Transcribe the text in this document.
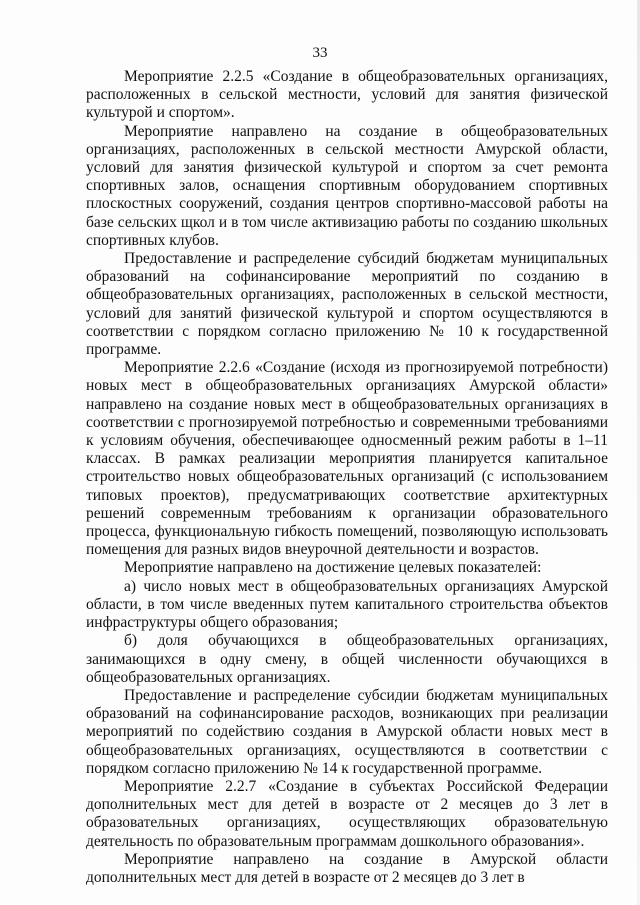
33

Мероприятие 2.2.5 «Создание в общеобразовательных организациях, расположенных в сельской местности, условий для занятия физической культурой и спортом».

Мероприятие направлено на создание в общеобразовательных организациях, расположенных в сельской местности Амурской области, условий для занятия физической культурой и спортом за счет ремонта спортивных залов, оснащения спортивным оборудованием спортивных плоскостных сооружений, создания центров спортивно-массовой работы на базе сельских щкол и в том числе активизацию работы по созданию школьных спортивных клубов.

Предоставление и распределение субсидий бюджетам муниципальных образований на софинансирование мероприятий по созданию в общеобразовательных организациях, расположенных в сельской местности, условий для занятий физической культурой и спортом осуществляются в соответствии с порядком согласно приложению № 10 к государственной программе.

Мероприятие 2.2.6 «Создание (исходя из прогнозируемой потребности) новых мест в общеобразовательных организациях Амурской области» направлено на создание новых мест в общеобразовательных организациях в соответствии с прогнозируемой потребностью и современными требованиями к условиям обучения, обеспечивающее односменный режим работы в 1–11 классах. В рамках реализации мероприятия планируется капитальное строительство новых общеобразовательных организаций (с использованием типовых проектов), предусматривающих соответствие архитектурных решений современным требованиям к организации образовательного процесса, функциональную гибкость помещений, позволяющую использовать помещения для разных видов внеурочной деятельности и возрастов.

Мероприятие направлено на достижение целевых показателей:

а) число новых мест в общеобразовательных организациях Амурской области, в том числе введенных путем капитального строительства объектов инфраструктуры общего образования;

б) доля обучающихся в общеобразовательных организациях, занимающихся в одну смену, в общей численности обучающихся в общеобразовательных организациях.

Предоставление и распределение субсидии бюджетам муниципальных образований на софинансирование расходов, возникающих при реализации мероприятий по содействию создания в Амурской области новых мест в общеобразовательных организациях, осуществляются в соответствии с порядком согласно приложению № 14 к государственной программе.

Мероприятие 2.2.7 «Создание в субъектах Российской Федерации дополнительных мест для детей в возрасте от 2 месяцев до 3 лет в образовательных организациях, осуществляющих образовательную деятельность по образовательным программам дошкольного образования».

Мероприятие направлено на создание в Амурской области дополнительных мест для детей в возрасте от 2 месяцев до 3 лет в
